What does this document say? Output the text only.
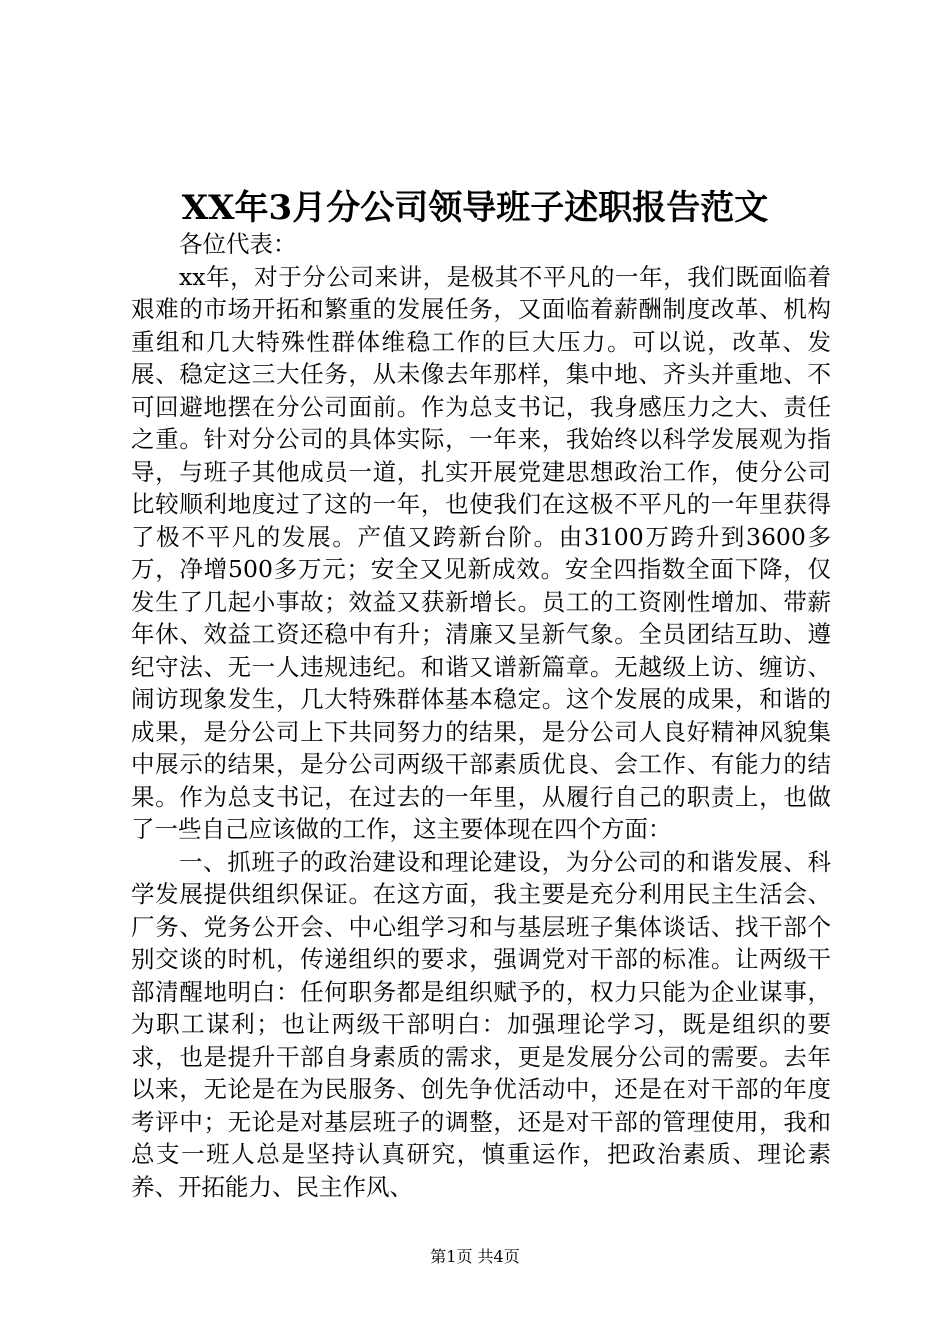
XX年3月分公司领导班子述职报告范文

各位代表：

xx年，对于分公司来讲，是极其不平凡的一年，我们既面临着艰难的市场开拓和繁重的发展任务，又面临着薪酬制度改革、机构重组和几大特殊性群体维稳工作的巨大压力。可以说，改革、发展、稳定这三大任务，从未像去年那样，集中地、齐头并重地、不可回避地摆在分公司面前。作为总支书记，我身感压力之大、责任之重。针对分公司的具体实际，一年来，我始终以科学发展观为指导，与班子其他成员一道，扎实开展党建思想政治工作，使分公司比较顺利地度过了这的一年，也使我们在这极不平凡的一年里获得了极不平凡的发展。产值又跨新台阶。由3100万跨升到3600多万，净增500多万元；安全又见新成效。安全四指数全面下降，仅发生了几起小事故；效益又获新增长。员工的工资刚性增加、带薪年休、效益工资还稳中有升；清廉又呈新气象。全员团结互助、遵纪守法、无一人违规违纪。和谐又谱新篇章。无越级上访、缠访、闹访现象发生，几大特殊群体基本稳定。这个发展的成果，和谐的成果，是分公司上下共同努力的结果，是分公司人良好精神风貌集中展示的结果，是分公司两级干部素质优良、会工作、有能力的结果。作为总支书记，在过去的一年里，从履行自己的职责上，也做了一些自己应该做的工作，这主要体现在四个方面：

一、抓班子的政治建设和理论建设，为分公司的和谐发展、科学发展提供组织保证。在这方面，我主要是充分利用民主生活会、厂务、党务公开会、中心组学习和与基层班子集体谈话、找干部个别交谈的时机，传递组织的要求，强调党对干部的标准。让两级干部清醒地明白：任何职务都是组织赋予的，权力只能为企业谋事，为职工谋利；也让两级干部明白：加强理论学习，既是组织的要求，也是提升干部自身素质的需求，更是发展分公司的需要。去年以来，无论是在为民服务、创先争优活动中，还是在对干部的年度考评中；无论是对基层班子的调整，还是对干部的管理使用，我和总支一班人总是坚持认真研究，慎重运作，把政治素质、理论素养、开拓能力、民主作风、

第1页 共4页
